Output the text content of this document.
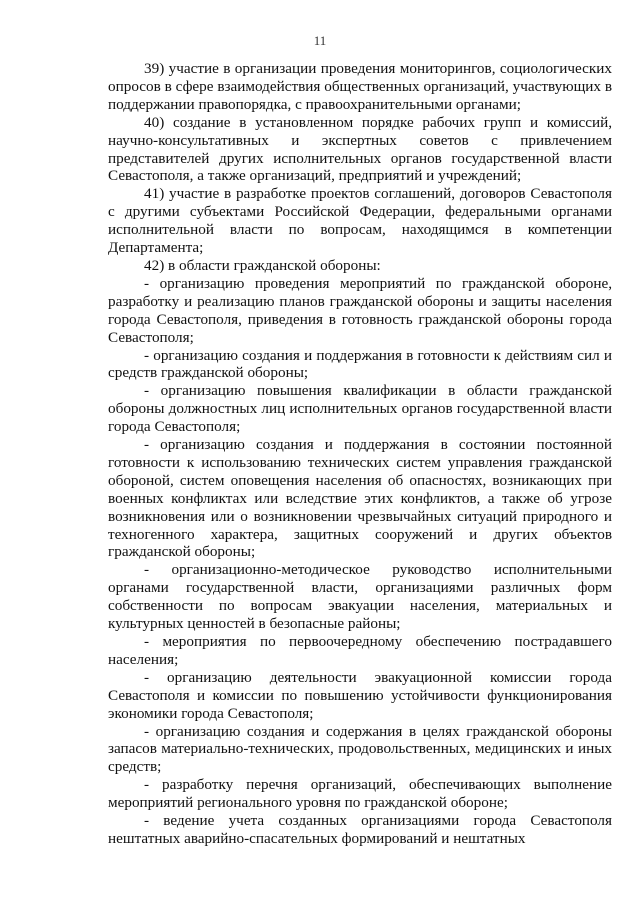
11

39) участие в организации проведения мониторингов, социологических опросов в сфере взаимодействия общественных организаций, участвующих в поддержании правопорядка, с правоохранительными органами;

40) создание в установленном порядке рабочих групп и комиссий, научно-консультативных и экспертных советов с привлечением представителей других исполнительных органов государственной власти Севастополя, а также организаций, предприятий и учреждений;

41) участие в разработке проектов соглашений, договоров Севастополя с другими субъектами Российской Федерации, федеральными органами исполнительной власти по вопросам, находящимся в компетенции Департамента;

42) в области гражданской обороны:

- организацию проведения мероприятий по гражданской обороне, разработку и реализацию планов гражданской обороны и защиты населения города Севастополя, приведения в готовность гражданской обороны города Севастополя;

- организацию создания и поддержания в готовности к действиям сил и средств гражданской обороны;

- организацию повышения квалификации в области гражданской обороны должностных лиц исполнительных органов государственной власти города Севастополя;

- организацию создания и поддержания в состоянии постоянной готовности к использованию технических систем управления гражданской обороной, систем оповещения населения об опасностях, возникающих при военных конфликтах или вследствие этих конфликтов, а также об угрозе возникновения или о возникновении чрезвычайных ситуаций природного и техногенного характера, защитных сооружений и других объектов гражданской обороны;

- организационно-методическое руководство исполнительными органами государственной власти, организациями различных форм собственности по вопросам эвакуации населения, материальных и культурных ценностей в безопасные районы;

- мероприятия по первоочередному обеспечению пострадавшего населения;

- организацию деятельности эвакуационной комиссии города Севастополя и комиссии по повышению устойчивости функционирования экономики города Севастополя;

- организацию создания и содержания в целях гражданской обороны запасов материально-технических, продовольственных, медицинских и иных средств;

- разработку перечня организаций, обеспечивающих выполнение мероприятий регионального уровня по гражданской обороне;

- ведение учета созданных организациями города Севастополя нештатных аварийно-спасательных формирований и нештатных
